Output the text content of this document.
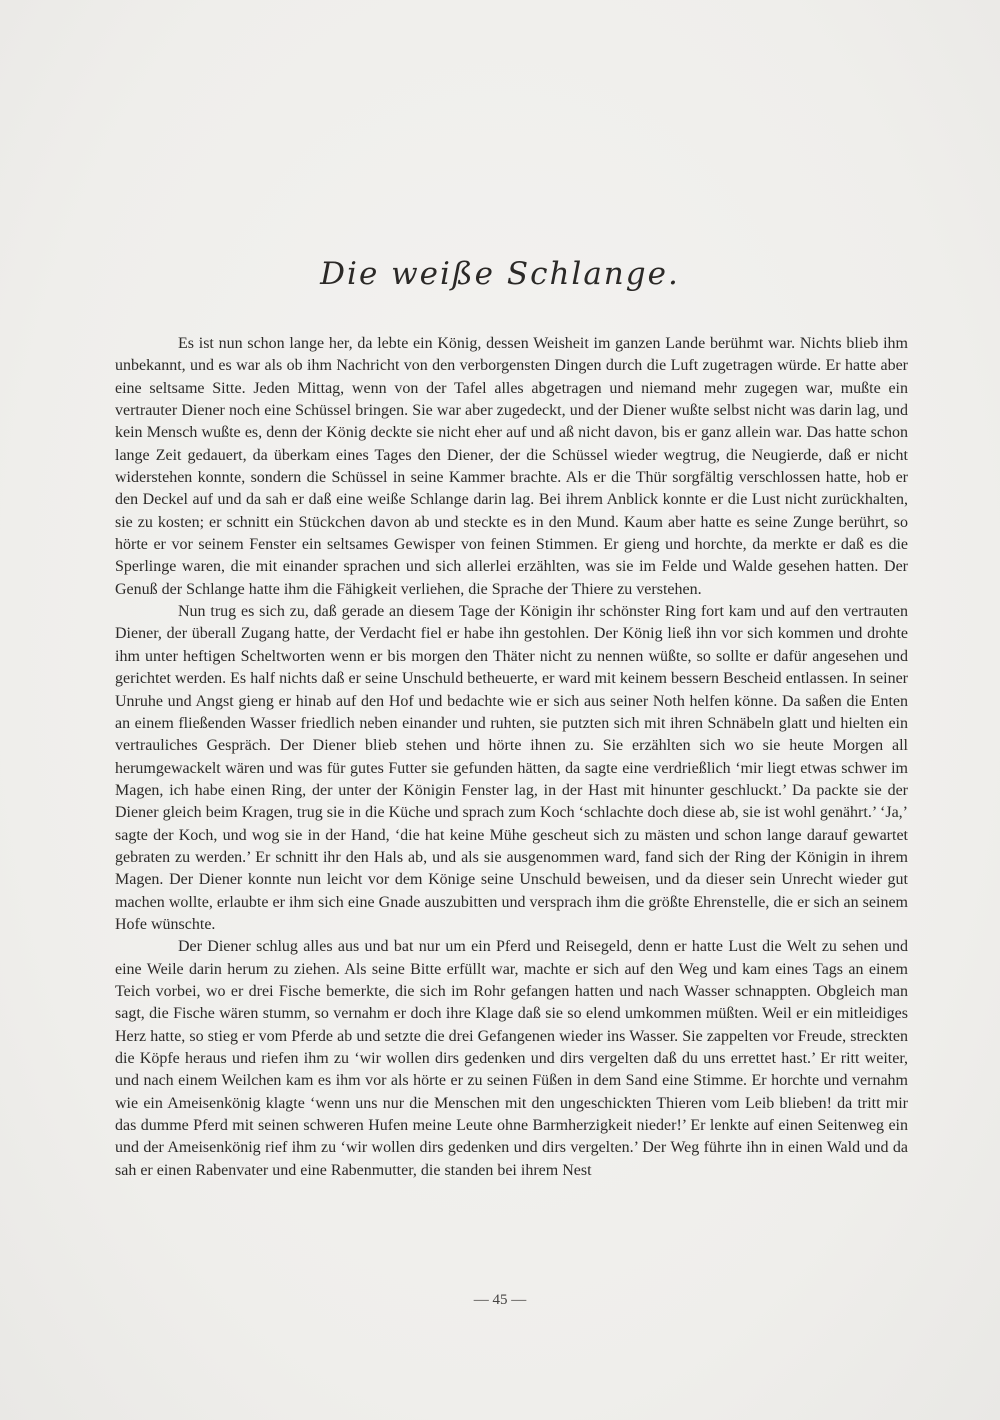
Die weiße Schlange.

Es ist nun schon lange her, da lebte ein König, dessen Weisheit im ganzen Lande berühmt war. Nichts blieb ihm unbekannt, und es war als ob ihm Nachricht von den verborgensten Dingen durch die Luft zugetragen würde. Er hatte aber eine seltsame Sitte. Jeden Mittag, wenn von der Tafel alles abgetragen und niemand mehr zugegen war, mußte ein vertrauter Diener noch eine Schüssel bringen. Sie war aber zugedeckt, und der Diener wußte selbst nicht was darin lag, und kein Mensch wußte es, denn der König deckte sie nicht eher auf und aß nicht davon, bis er ganz allein war. Das hatte schon lange Zeit gedauert, da überkam eines Tages den Diener, der die Schüssel wieder wegtrug, die Neugierde, daß er nicht widerstehen konnte, sondern die Schüssel in seine Kammer brachte. Als er die Thür sorgfältig verschlossen hatte, hob er den Deckel auf und da sah er daß eine weiße Schlange darin lag. Bei ihrem Anblick konnte er die Lust nicht zurückhalten, sie zu kosten; er schnitt ein Stückchen davon ab und steckte es in den Mund. Kaum aber hatte es seine Zunge berührt, so hörte er vor seinem Fenster ein seltsames Gewisper von feinen Stimmen. Er gieng und horchte, da merkte er daß es die Sperlinge waren, die mit einander sprachen und sich allerlei erzählten, was sie im Felde und Walde gesehen hatten. Der Genuß der Schlange hatte ihm die Fähigkeit verliehen, die Sprache der Thiere zu verstehen.

Nun trug es sich zu, daß gerade an diesem Tage der Königin ihr schönster Ring fort kam und auf den vertrauten Diener, der überall Zugang hatte, der Verdacht fiel er habe ihn gestohlen. Der König ließ ihn vor sich kommen und drohte ihm unter heftigen Scheltworten wenn er bis morgen den Thäter nicht zu nennen wüßte, so sollte er dafür angesehen und gerichtet werden. Es half nichts daß er seine Unschuld betheuerte, er ward mit keinem bessern Bescheid entlassen. In seiner Unruhe und Angst gieng er hinab auf den Hof und bedachte wie er sich aus seiner Noth helfen könne. Da saßen die Enten an einem fließenden Wasser friedlich neben einander und ruhten, sie putzten sich mit ihren Schnäbeln glatt und hielten ein vertrauliches Gespräch. Der Diener blieb stehen und hörte ihnen zu. Sie erzählten sich wo sie heute Morgen all herumgewackelt wären und was für gutes Futter sie gefunden hätten, da sagte eine verdrießlich ‘mir liegt etwas schwer im Magen, ich habe einen Ring, der unter der Königin Fenster lag, in der Hast mit hinunter geschluckt.’ Da packte sie der Diener gleich beim Kragen, trug sie in die Küche und sprach zum Koch ‘schlachte doch diese ab, sie ist wohl genährt.’ ‘Ja,’ sagte der Koch, und wog sie in der Hand, ‘die hat keine Mühe gescheut sich zu mästen und schon lange darauf gewartet gebraten zu werden.’ Er schnitt ihr den Hals ab, und als sie ausgenommen ward, fand sich der Ring der Königin in ihrem Magen. Der Diener konnte nun leicht vor dem Könige seine Unschuld beweisen, und da dieser sein Unrecht wieder gut machen wollte, erlaubte er ihm sich eine Gnade auszubitten und versprach ihm die größte Ehrenstelle, die er sich an seinem Hofe wünschte.

Der Diener schlug alles aus und bat nur um ein Pferd und Reisegeld, denn er hatte Lust die Welt zu sehen und eine Weile darin herum zu ziehen. Als seine Bitte erfüllt war, machte er sich auf den Weg und kam eines Tags an einem Teich vorbei, wo er drei Fische bemerkte, die sich im Rohr gefangen hatten und nach Wasser schnappten. Obgleich man sagt, die Fische wären stumm, so vernahm er doch ihre Klage daß sie so elend umkommen müßten. Weil er ein mitleidiges Herz hatte, so stieg er vom Pferde ab und setzte die drei Gefangenen wieder ins Wasser. Sie zappelten vor Freude, streckten die Köpfe heraus und riefen ihm zu ‘wir wollen dirs gedenken und dirs vergelten daß du uns errettet hast.’ Er ritt weiter, und nach einem Weilchen kam es ihm vor als hörte er zu seinen Füßen in dem Sand eine Stimme. Er horchte und vernahm wie ein Ameisenkönig klagte ‘wenn uns nur die Menschen mit den ungeschickten Thieren vom Leib blieben! da tritt mir das dumme Pferd mit seinen schweren Hufen meine Leute ohne Barmherzigkeit nieder!’ Er lenkte auf einen Seitenweg ein und der Ameisenkönig rief ihm zu ‘wir wollen dirs gedenken und dirs vergelten.’ Der Weg führte ihn in einen Wald und da sah er einen Rabenvater und eine Rabenmutter, die standen bei ihrem Nest

— 45 —
